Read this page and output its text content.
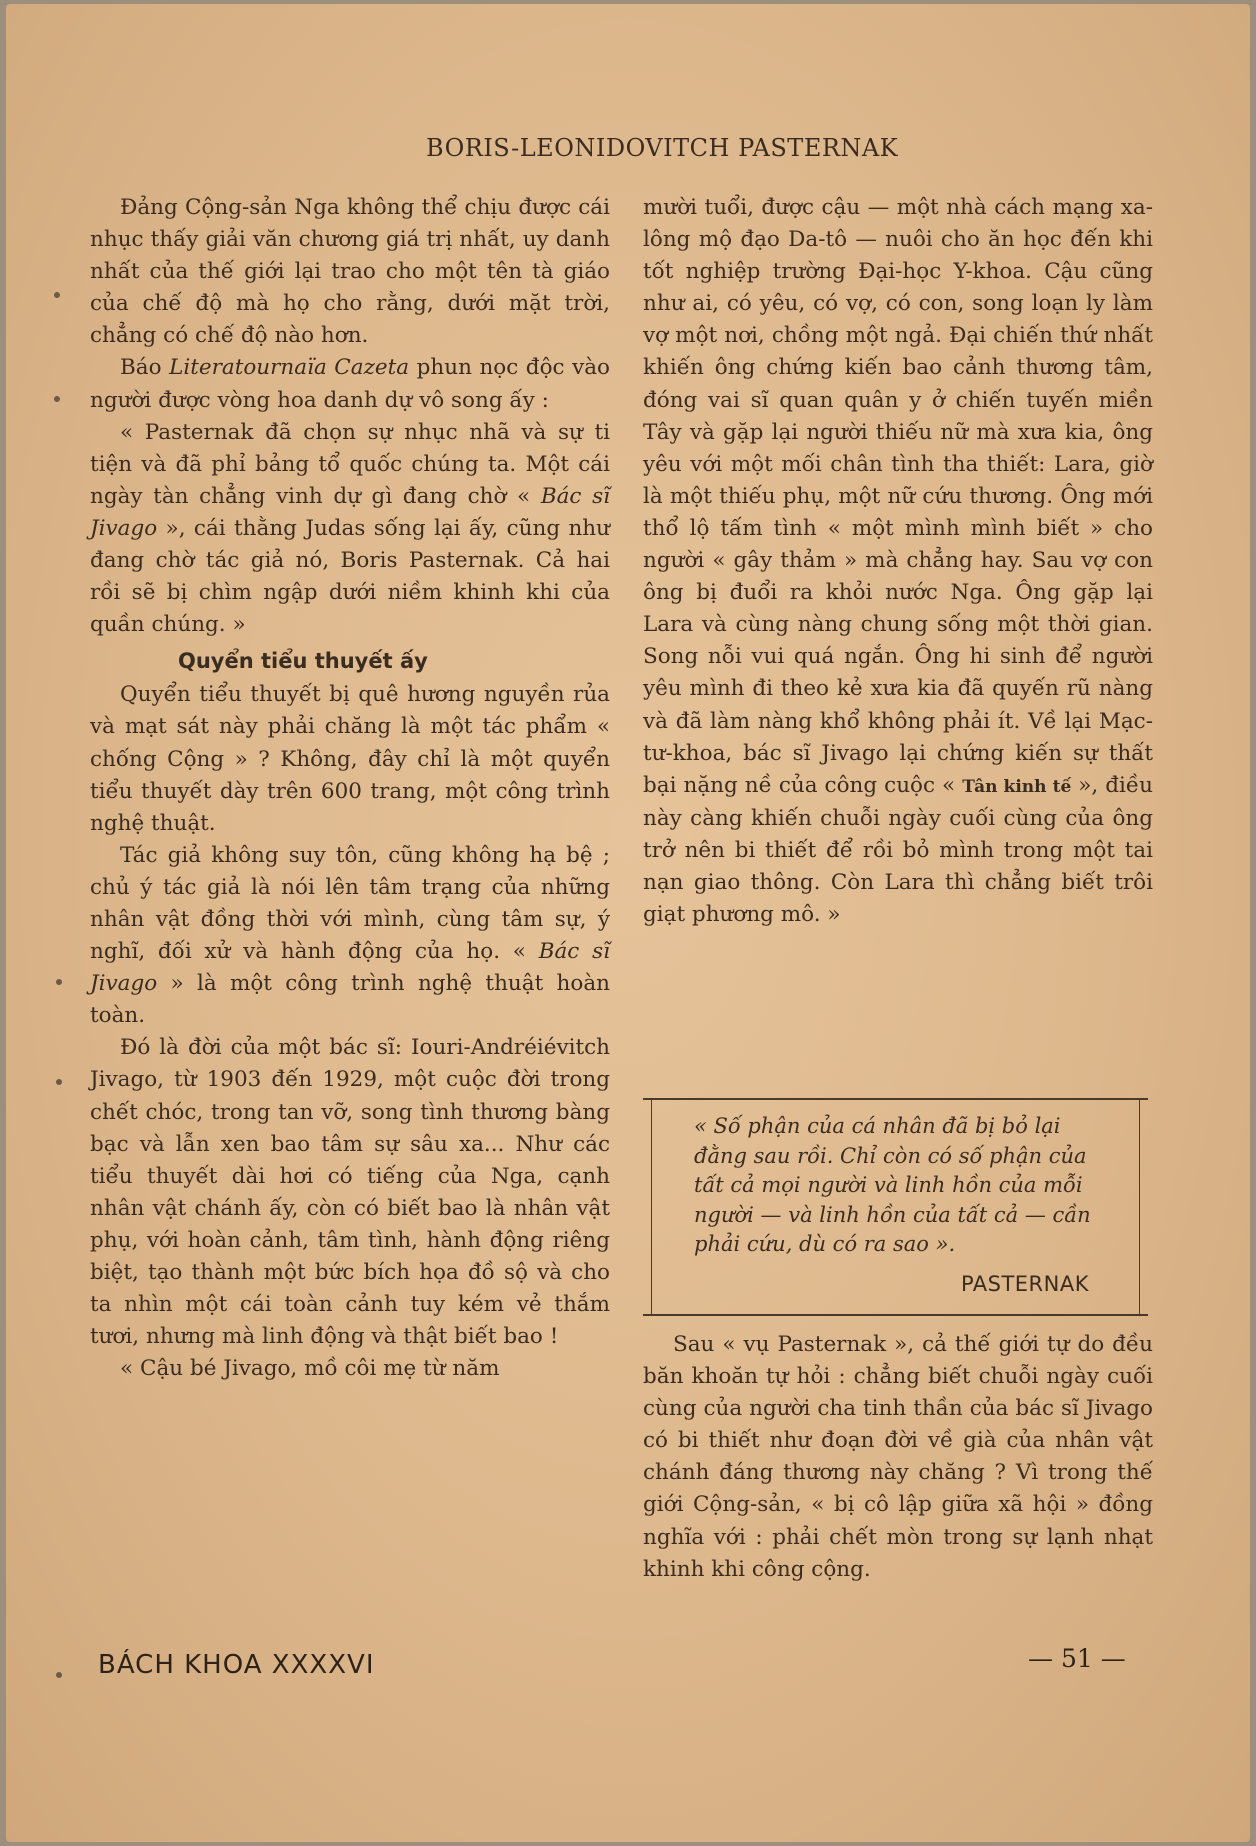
BORIS-LEONIDOVITCH PASTERNAK

Đảng Cộng-sản Nga không thể chịu được cái nhục thấy giải văn chương giá trị nhất, uy danh nhất của thế giới lại trao cho một tên tà giáo của chế độ mà họ cho rằng, dưới mặt trời, chẳng có chế độ nào hơn.

Báo Literatournaïa Cazeta phun nọc độc vào người được vòng hoa danh dự vô song ấy :

« Pasternak đã chọn sự nhục nhã và sự ti tiện và đã phỉ bảng tổ quốc chúng ta. Một cái ngày tàn chẳng vinh dự gì đang chờ « Bác sĩ Jivago », cái thằng Judas sống lại ấy, cũng như đang chờ tác giả nó, Boris Pasternak. Cả hai rồi sẽ bị chìm ngập dưới niềm khinh khi của quần chúng. »

Quyển tiểu thuyết ấy

Quyển tiểu thuyết bị quê hương nguyền rủa và mạt sát này phải chăng là một tác phẩm « chống Cộng » ? Không, đây chỉ là một quyển tiểu thuyết dày trên 600 trang, một công trình nghệ thuật.

Tác giả không suy tôn, cũng không hạ bệ ; chủ ý tác giả là nói lên tâm trạng của những nhân vật đồng thời với mình, cùng tâm sự, ý nghĩ, đối xử và hành động của họ. « Bác sĩ Jivago » là một công trình nghệ thuật hoàn toàn.

Đó là đời của một bác sĩ: Iouri-Andréiévitch Jivago, từ 1903 đến 1929, một cuộc đời trong chết chóc, trong tan vỡ, song tình thương bàng bạc và lẫn xen bao tâm sự sâu xa... Như các tiểu thuyết dài hơi có tiếng của Nga, cạnh nhân vật chánh ấy, còn có biết bao là nhân vật phụ, với hoàn cảnh, tâm tình, hành động riêng biệt, tạo thành một bức bích họa đồ sộ và cho ta nhìn một cái toàn cảnh tuy kém vẻ thắm tươi, nhưng mà linh động và thật biết bao !

« Cậu bé Jivago, mồ côi mẹ từ năm

mười tuổi, được cậu — một nhà cách mạng xa-lông mộ đạo Da-tô — nuôi cho ăn học đến khi tốt nghiệp trường Đại-học Y-khoa. Cậu cũng như ai, có yêu, có vợ, có con, song loạn ly làm vợ một nơi, chồng một ngả. Đại chiến thứ nhất khiến ông chứng kiến bao cảnh thương tâm, đóng vai sĩ quan quân y ở chiến tuyến miền Tây và gặp lại người thiếu nữ mà xưa kia, ông yêu với một mối chân tình tha thiết: Lara, giờ là một thiếu phụ, một nữ cứu thương. Ông mới thổ lộ tấm tình « một mình mình biết » cho người « gây thảm » mà chẳng hay. Sau vợ con ông bị đuổi ra khỏi nước Nga. Ông gặp lại Lara và cùng nàng chung sống một thời gian. Song nỗi vui quá ngắn. Ông hi sinh để người yêu mình đi theo kẻ xưa kia đã quyến rũ nàng và đã làm nàng khổ không phải ít. Về lại Mạc-tư-khoa, bác sĩ Jivago lại chứng kiến sự thất bại nặng nề của công cuộc « Tân kinh tế », điều này càng khiến chuỗi ngày cuối cùng của ông trở nên bi thiết để rồi bỏ mình trong một tai nạn giao thông. Còn Lara thì chẳng biết trôi giạt phương mô. »

« Số phận của cá nhân đã bị bỏ lại đằng sau rồi. Chỉ còn có số phận của tất cả mọi người và linh hồn của mỗi người — và linh hồn của tất cả — cần phải cứu, dù có ra sao ».
PASTERNAK

Sau « vụ Pasternak », cả thế giới tự do đều băn khoăn tự hỏi : chẳng biết chuỗi ngày cuối cùng của người cha tinh thần của bác sĩ Jivago có bi thiết như đoạn đời về già của nhân vật chánh đáng thương này chăng ? Vì trong thế giới Cộng-sản, « bị cô lập giữa xã hội » đồng nghĩa với : phải chết mòn trong sự lạnh nhạt khinh khi công cộng.

BÁCH KHOA XXXXVI	— 51 —
